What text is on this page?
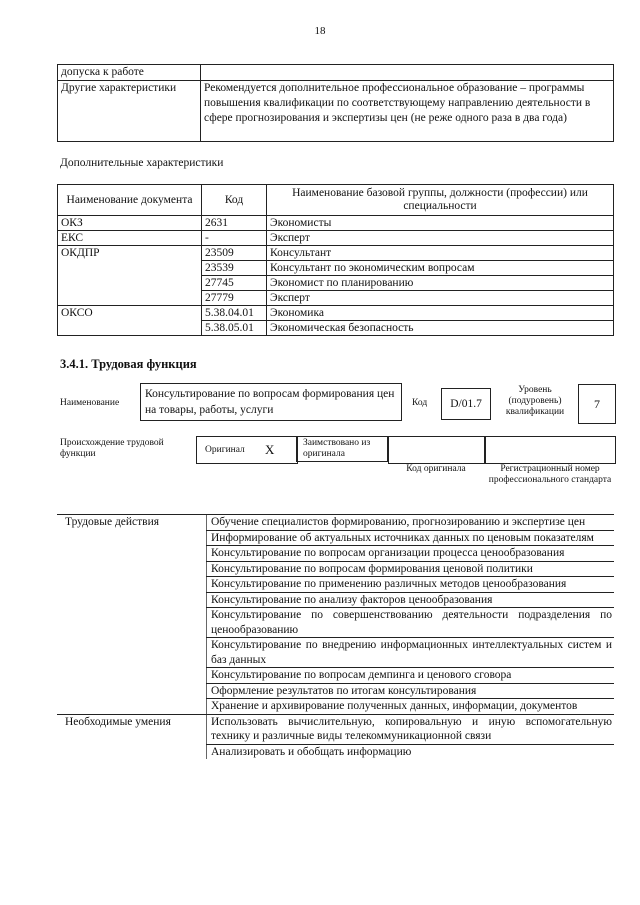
18
допуска к работе	
Другие характеристики	Рекомендуется дополнительное профессиональное образование – программы повышения квалификации по соответствующему направлению деятельности в сфере прогнозирования и экспертизы цен (не реже одного раза в два года)
Дополнительные характеристики
Наименование документа	Код	Наименование базовой группы, должности (профессии) или специальности
ОКЗ	2631	Экономисты
ЕКС	-	Эксперт
ОКДПР	23509	Консультант
	23539	Консультант по экономическим вопросам
	27745	Экономист по планированию
	27779	Эксперт
ОКСО	5.38.04.01	Экономика
	5.38.05.01	Экономическая безопасность
3.4.1. Трудовая функция
Наименование
Консультирование по вопросам формирования цен на товары, работы, услуги
Код	D/01.7
Уровень (подуровень) квалификации
7
Происхождение трудовой функции	Оригинал X	Заимствовано из оригинала
Код оригинала	Регистрационный номер профессионального стандарта
Трудовые действия	Обучение специалистов формированию, прогнозированию и экспертизе цен
	Информирование об актуальных источниках данных по ценовым показателям
	Консультирование по вопросам организации процесса ценообразования
	Консультирование по вопросам формирования ценовой политики
	Консультирование по применению различных методов ценообразования
	Консультирование по анализу факторов ценообразования
	Консультирование по совершенствованию деятельности подразделения по ценообразованию
	Консультирование по внедрению информационных интеллектуальных систем и баз данных
	Консультирование по вопросам демпинга и ценового сговора
	Оформление результатов по итогам консультирования
	Хранение и архивирование полученных данных, информации, документов
Необходимые умения	Использовать вычислительную, копировальную и иную вспомогательную технику и различные виды телекоммуникационной связи
	Анализировать и обобщать информацию
